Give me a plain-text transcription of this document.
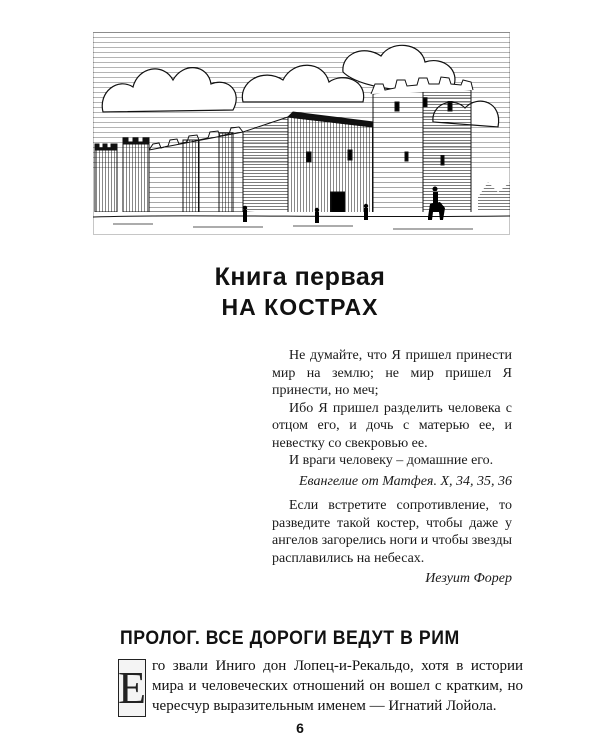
Книга первая
НА КОСТРАХ

Не думайте, что Я пришел принести мир на землю; не мир пришел Я принести, но меч;

Ибо Я пришел разделить человека с отцом его, и дочь с матерью ее, и невестку со свекровью ее.

И враги человеку – домашние его.

Евангелие от Матфея. X, 34, 35, 36

Если встретите сопротивление, то разведите такой костер, чтобы даже у ангелов загорелись ноги и чтобы звезды расплавились на небесах.

Иезуит Форер

ПРОЛОГ. ВСЕ ДОРОГИ ВЕДУТ В РИМ
Е го звали Иниго дон Лопец-и-Рекальдо, хотя в истории мира и человеческих отношений он вошел с кратким, но чересчур выразительным именем — Игнатий Лойола.
6
